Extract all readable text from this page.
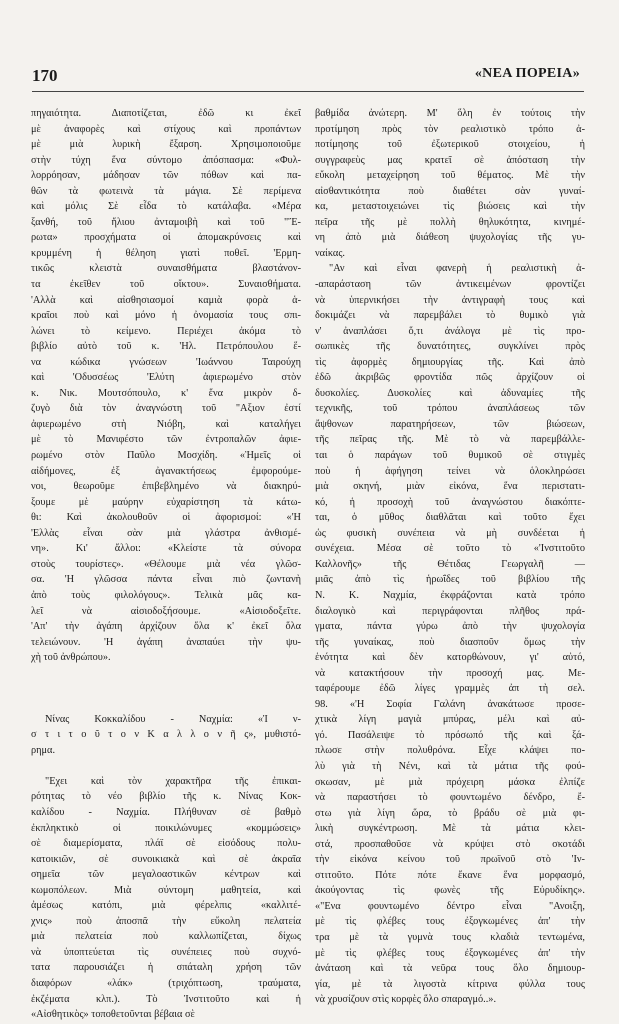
170	«ΝΕΑ ΠΟΡΕΙΑ»
πηγαιότητα. Διαποτίζεται, ἐδῶ κι ἐκεῖ
μὲ ἀναφορὲς καὶ στίχους καὶ προπάντων
μὲ μιὰ λυρικὴ ἔξαρση. Χρησιμοποιοῦμε
στὴν τύχη ἕνα σύντομο ἀπόσπασμα: «Φυλ-
λορρόησαν, μάδησαν τῶν πόθων καὶ πα-
θῶν τὰ φωτεινὰ τὰ μάγια. Σὲ περίμενα
καὶ μόλις Σὲ εἶδα τὸ κατάλαβα. «Μέρα
ξανθή, τοῦ ἥλιου ἀνταμοιβὴ καὶ τοῦ "Ἔ-
ρωτα» προσχήματα οἱ ἀπομακρύνσεις καὶ
κρυμμένη ἡ θέληση γιατὶ ποθεῖ. 'Ερμη-
τικῶς κλειστὰ συναισθήματα βλαστάνον-
τα ἐκεῖθεν τοῦ οἴκτου». Συναισθήματα.
'Αλλὰ καὶ αἰσθησιασμοί καμιὰ φορὰ ἁ-
κραῖοι ποὺ καὶ μόνο ἡ ὀνομασία τους σπι-
λώνει τὸ κείμενο. Περιέχει ἀκόμα τὸ
βιβλίο αὐτὸ τοῦ κ. 'Ηλ. Πετρόπουλου ἕ-
να κώδικα γνώσεων 'Ιωάννου Ταιρούχη
καὶ 'Οδυσσέως 'Ελύτη ἀφιερωμένο στὸν
κ. Νικ. Μουτσόπουλο, κ' ἕνα μικρὸν δ-
ζυγὸ διὰ τὸν ἀναγνώστη τοῦ "Αξιον ἐστί
ἀφιερωμένο στὴ Νιόβη, καὶ καταλήγει
μὲ τὸ Μανιφέστο τῶν ἐντροπαλῶν ἀφιε-
ρωμένο στὸν Παῦλο Μοσχίδη. «Ἡμεῖς οἱ
αἰδήμονες, ἐξ ἀγανακτήσεως ἐμφορούμε-
νοι, θεωροῦμε ἐπιβεβλημένο νὰ διακηρύ-
ξουμε μὲ μαύρην εὐχαρίστηση τὰ κάτω-
θι: Καὶ ἀκολουθοῦν οἱ ἀφορισμοί: «'Η
'Ελλὰς εἶναι σὰν μιὰ γλάστρα ἀνθισμέ-
νη». Κι' ἄλλοι: «Κλείστε τὰ σύνορα
στοὺς τουρίστες». «Θέλουμε μιὰ νέα γλῶσ-
σα. 'Η γλῶσσα πάντα εἶναι πιὸ ζωντανὴ
ἀπὸ τοὺς φιλολόγους». Τελικὰ μᾶς κα-
λεῖ νὰ αἰσιοδοξήσουμε. «Αἰσιοδοξεῖτε.
'Απ' τὴν ἀγάπη ἀρχίζουν ὅλα κ' ἐκεῖ ὅλα
τελειώνουν. 'Η ἀγάπη ἀναπαύει τὴν ψυ-
χὴ τοῦ ἀνθρώπου».
Νίνας Κοκκαλίδου - Ναχμία: «Ἰ ν-
σ τ ι τ ο ῦ τ ο ν Κ α λ λ ο ν ῆ ς», μυθιστό-
ρημα.
"Εχει καὶ τὸν χαρακτῆρα τῆς ἐπικαι-
ρότητας τὸ νέο βιβλίο τῆς κ. Νίνας Κοκ-
καλίδου - Ναχμία. Πλήθυναν σὲ βαθμὸ
ἐκπληκτικὸ οἱ ποικιλώνυμες «κομμώσεις»
σὲ διαμερίσματα, πλάϊ σὲ εἰσόδους πολυ-
κατοικιῶν, σὲ συνοικιακὰ καὶ σὲ ἀκραῖα
σημεῖα τῶν μεγαλοαστικῶν κέντρων καὶ
κωμοπόλεων. Μιὰ σύντομη μαθητεία, καὶ
ἀμέσως κατόπι, μιὰ φέρελπις «καλλιτέ-
χνις» ποὺ ἀποσπᾶ τὴν εὔκολη πελατεία
μιὰ πελατεία ποὺ καλλωπίζεται, δίχως
νὰ ὑποπτεύεται τὶς συνέπειες ποὺ συχνό-
τατα παρουσιάζει ἡ σπάταλη χρήση τῶν
διαφόρων «λάκ» (τριχόπτωση, τραύματα,
ἐκζέματα κλπ.). Τὸ Ἰνστιτοῦτο καὶ ἡ
«Αἰσθητικὸς» τοποθετοῦνται βέβαια σὲ
βαθμίδα ἀνώτερη. Μ' ὅλη ἐν τούτοις τὴν
προτίμηση πρὸς τὸν ρεαλιστικὸ τρόπο ἀ-
ποτίμησης τοῦ ἐξωτερικοῦ στοιχείου, ἡ
συγγραφεὺς μας κρατεῖ σὲ ἀπόσταση τὴν
εὔκολη μεταχείρηση τοῦ θέματος. Μὲ τὴν
αἰσθαντικότητα ποὺ διαθέτει σὰν γυναί-
κα, μεταστοιχειώνει τὶς βιώσεις καὶ τὴν
πεῖρα τῆς μὲ πολλὴ θηλυκότητα, κινημέ-
νη ἀπὸ μιὰ διάθεση ψυχολογίας τῆς γυ-
ναίκας.
"Αν καὶ εἶναι φανερὴ ἡ ρεαλιστικὴ ἀ-
-απαράσταση τῶν ἀντικειμένων φροντίζει
νὰ ὑπερνικήσει τὴν ἀντιγραφὴ τους καὶ
δοκιμάζει νὰ παρεμβάλει τὸ θυμικὸ γιὰ
ν' ἀναπλάσει ὅ,τι ἀνάλογα μὲ τὶς προ-
σωπικὲς τῆς δυνατότητες, συγκλίνει πρὸς
τὶς ἀφορμὲς δημιουργίας τῆς. Καὶ ἀπὸ
ἐδῶ ἀκριβῶς φροντίδα πῶς ἀρχίζουν οἱ
δυσκολίες. Δυσκολίες καὶ ἀδυναμίες τῆς
τεχνικῆς, τοῦ τρόπου ἀναπλάσεως τῶν
ἄψθονων παρατηρήσεων, τῶν βιώσεων,
τῆς πεῖρας τῆς. Μὲ τὸ νὰ παρεμβάλλε-
ται ὁ παράγων τοῦ θυμικοῦ σὲ στιγμὲς
ποὺ ἡ ἀφήγηση τείνει νὰ ὁλοκληρώσει
μιὰ σκηνή, μιὰν εἰκόνα, ἕνα περιστατι-
κό, ἡ προσοχὴ τοῦ ἀναγνώστου διακόπτε-
ται, ὁ μῦθος διαθλᾶται καὶ τοῦτο ἔχει
ὡς φυσικὴ συνέπεια νὰ μὴ συνδέεται ἡ
συνέχεια. Μέσα σὲ τοῦτο τὸ «'Ινστιτοῦτο
Καλλονῆς» τῆς Θέτιδας Γεωργαλῆ —
μιᾶς ἀπὸ τὶς ἡρωΐδες τοῦ βιβλίου τῆς
Ν. Κ. Ναχμία, ἐκφράζονται κατὰ τρόπο
διαλογικὸ καὶ περιγράφονται πλῆθος πρά-
γματα, πάντα γύρω ἀπὸ τὴν ψυχολογία
τῆς γυναίκας, ποὺ διασποῦν ὅμως τὴν
ἑνότητα καὶ δὲν κατορθώνουν, γι' αὐτό,
νὰ κατακτήσουν τὴν προσοχή μας. Με-
ταφέρουμε ἐδῶ λίγες γραμμὲς ἀπ τὴ σελ.
98. «'Η Σοφία Γαλάνη ἀνακάτωσε προσε-
χτικὰ λίγη μαγιὰ μπύρας, μέλι καὶ αὐ-
γό. Πασάλειψε τὸ πρόσωπό τῆς καὶ ξά-
πλωσε στὴν πολυθρόνα. Εἶχε κλάψει πο-
λὺ γιὰ τὴ Νένι, καὶ τὰ μάτια τῆς φού-
σκωσαν, μὲ μιὰ πρόχειρη μάσκα ἐλπίζε
νὰ παραστήσει τὸ φουντωμένο δένδρο, ἔ-
στω γιὰ λίγη ὥρα, τὸ βράδυ σὲ μιὰ φι-
λικὴ συγκέντρωση. Μὲ τὰ μάτια κλει-
στά, προσπαθοῦσε νὰ κρύψει στὸ σκοτάδι
τὴν εἰκόνα κείνου τοῦ πρωϊνοῦ στὸ 'Ιν-
στιτοῦτο. Πότε πότε ἔκανε ἕνα μορφασμό,
ἀκούγοντας τὶς φωνὲς τῆς Εὐρυδίκης».
«"Ενα φουντωμένο δέντρο εἶναι "Ανοιξη,
μὲ τὶς φλέβες τους ἐξογκωμένες ἀπ' τὴν
τρα μὲ τὰ γυμνὰ τους κλαδιὰ τεντωμένα,
μὲ τὶς φλέβες τους ἐξογκωμένες ἀπ' τὴν
ἀνάταση καὶ τὰ νεῦρα τους ὅλο δημιουρ-
γία, μὲ τὰ λιγοστὰ κίτρινα φύλλα τους
νὰ χρυσίζουν στὶς κορφὲς ὅλο σπαραγμό..».
